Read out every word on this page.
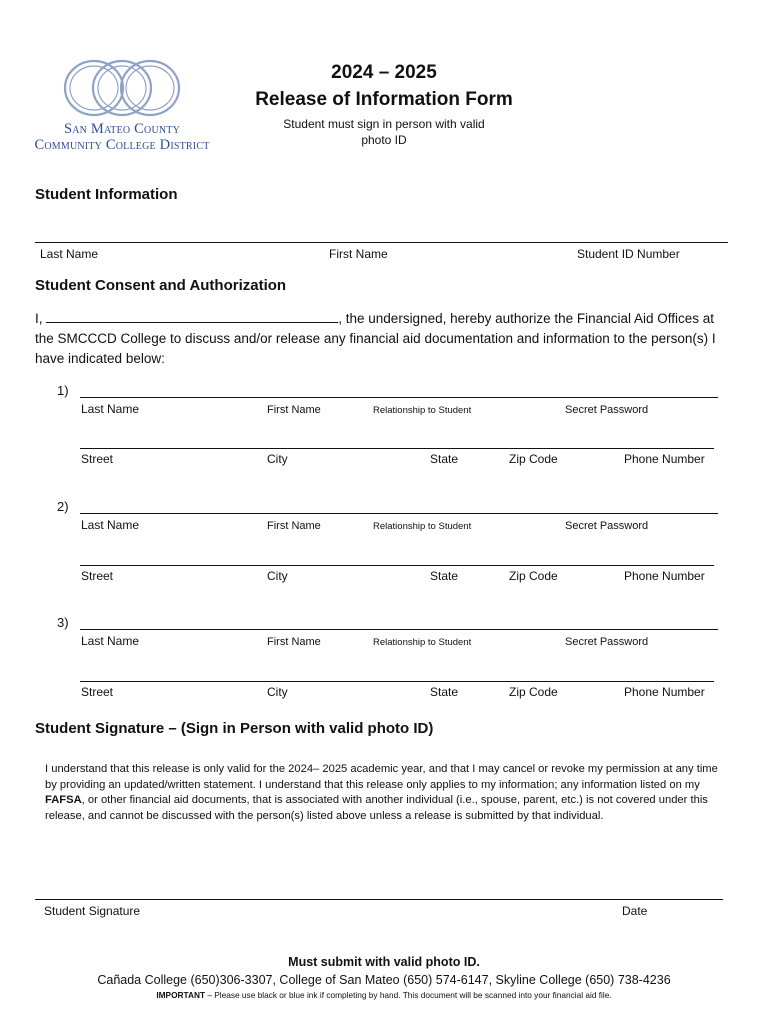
San Mateo County
Community College District
2024 – 2025
Release of Information Form
Student must sign in person with valid
photo ID
Student Information
Last Name	First Name	Student ID Number
Student Consent and Authorization
I,	, the undersigned, hereby authorize the Financial Aid Offices at the SMCCCD College to discuss and/or release any financial aid documentation and information to the person(s) I have indicated below:
1)
Last Name	First Name	Relationship to Student	Secret Password
Street	City	State	Zip Code	Phone Number
2)
Last Name	First Name	Relationship to Student	Secret Password
Street	City	State	Zip Code	Phone Number
3)
Last Name	First Name	Relationship to Student	Secret Password
Street	City	State	Zip Code	Phone Number
Student Signature – (Sign in Person with valid photo ID)
I understand that this release is only valid for the 2024– 2025 academic year, and that I may cancel or revoke my permission at any time by providing an updated/written statement. I understand that this release only applies to my information; any information listed on my FAFSA, or other financial aid documents, that is associated with another individual (i.e., spouse, parent, etc.) is not covered under this release, and cannot be discussed with the person(s) listed above unless a release is submitted by that individual.
Student Signature	Date
Must submit with valid photo ID.
Cañada College (650)306-3307, College of San Mateo (650) 574-6147, Skyline College (650) 738-4236
IMPORTANT – Please use black or blue ink if completing by hand. This document will be scanned into your financial aid file.
